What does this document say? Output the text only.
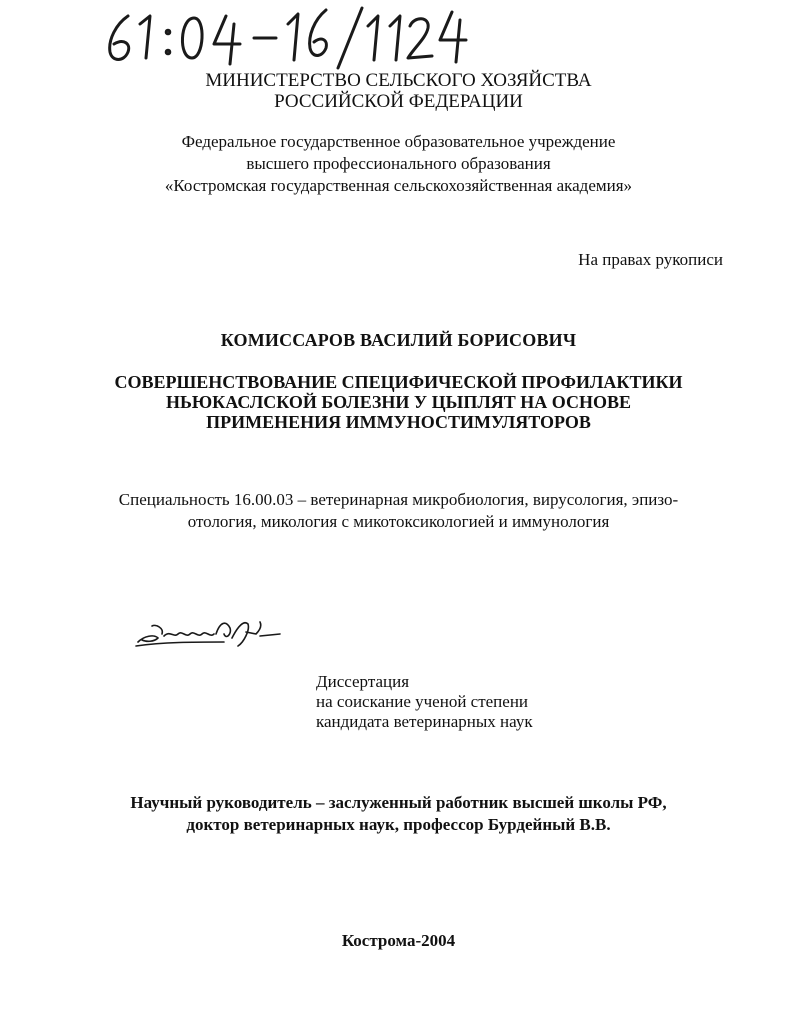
МИНИСТЕРСТВО СЕЛЬСКОГО ХОЗЯЙСТВА
РОССИЙСКОЙ ФЕДЕРАЦИИ
Федеральное государственное образовательное учреждение
высшего профессионального образования
«Костромская государственная сельскохозяйственная академия»
На правах рукописи
КОМИССАРОВ ВАСИЛИЙ БОРИСОВИЧ
СОВЕРШЕНСТВОВАНИЕ СПЕЦИФИЧЕСКОЙ ПРОФИЛАКТИКИ
НЬЮКАСЛСКОЙ БОЛЕЗНИ У ЦЫПЛЯТ НА ОСНОВЕ
ПРИМЕНЕНИЯ ИММУНОСТИМУЛЯТОРОВ
Специальность 16.00.03 – ветеринарная микробиология, вирусология, эпизо-
отология, микология с микотоксикологией и иммунология
Диссертация
на соискание ученой степени
кандидата ветеринарных наук
Научный руководитель – заслуженный работник высшей школы РФ,
доктор ветеринарных наук, профессор Бурдейный В.В.
Кострома-2004
